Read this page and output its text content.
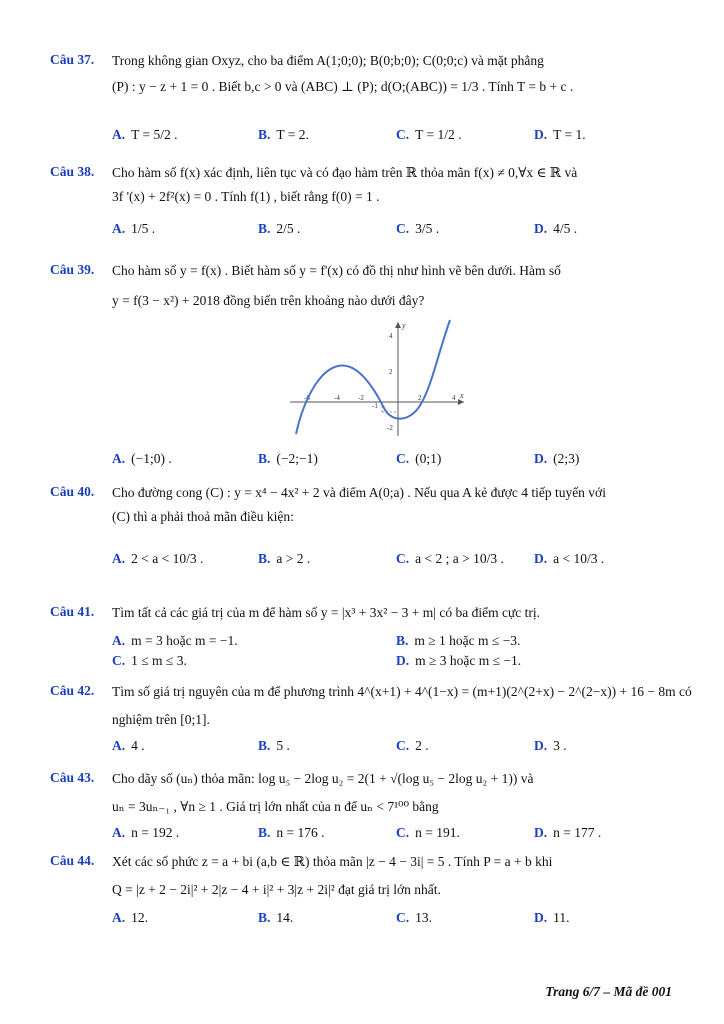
Câu 37. Trong không gian Oxyz, cho ba điểm A(1;0;0); B(0;b;0); C(0;0;c) và mặt phẳng
(P) : y − z + 1 = 0 . Biết b,c > 0 và (ABC) ⊥ (P); d(O;(ABC)) = 1/3 . Tính T = b + c .
A. T = 5/2 .	B. T = 2.	C. T = 1/2 .	D. T = 1.
Câu 38. Cho hàm số f(x) xác định, liên tục và có đạo hàm trên ℝ thỏa mãn f(x) ≠ 0,∀x ∈ ℝ và
3f '(x) + 2f²(x) = 0 . Tính f(1) , biết rằng f(0) = 1 .
A. 1/5 .	B. 2/5 .	C. 3/5 .	D. 4/5 .
Câu 39. Cho hàm số y = f(x) . Biết hàm số y = f'(x) có đồ thị như hình vẽ bên dưới. Hàm số
y = f(3 − x²) + 2018 đồng biến trên khoảng nào dưới đây?
A. (−1;0) .	B. (−2;−1)	C. (0;1)	D. (2;3)
y
x
-6	-4	-2
-1
2	4
4
2
-2
Câu 40. Cho đường cong (C) : y = x⁴ − 4x² + 2 và điểm A(0;a) . Nếu qua A kẻ được 4 tiếp tuyến với
(C) thì a phải thoả mãn điều kiện:
A. 2 < a < 10/3 .	B. a > 2 .	C. a < 2 ; a > 10/3 . D. a < 10/3 .
Câu 41. Tìm tất cả các giá trị của m để hàm số y = |x³ + 3x² − 3 + m| có ba điểm cực trị.
A. m = 3 hoặc m = −1.	B. m ≥ 1 hoặc m ≤ −3.
C. 1 ≤ m ≤ 3.	D. m ≥ 3 hoặc m ≤ −1.
Câu 42. Tìm số giá trị nguyên của m để phương trình 4^(x+1) + 4^(1−x) = (m+1)(2^(2+x) − 2^(2−x)) + 16 − 8m có
nghiệm trên [0;1].
A. 4 .	B. 5 .	C. 2 .	D. 3 .
Câu 43. Cho dãy số (uₙ) thỏa mãn: log u₅ − 2log u₂ = 2(1 + √(log u₅ − 2log u₂ + 1)) và
uₙ = 3uₙ₋₁ , ∀n ≥ 1 . Giá trị lớn nhất của n để uₙ < 7¹⁰⁰ bằng
A. n = 192 .	B. n = 176 .	C. n = 191.	D. n = 177 .
Câu 44. Xét các số phức z = a + bi (a,b ∈ ℝ) thỏa mãn |z − 4 − 3i| = 5 . Tính P = a + b khi
Q = |z + 2 − 2i|² + 2|z − 4 + i|² + 3|z + 2i|² đạt giá trị lớn nhất.
A. 12.	B. 14.	C. 13.	D. 11.
Trang 6/7 – Mã đề 001
